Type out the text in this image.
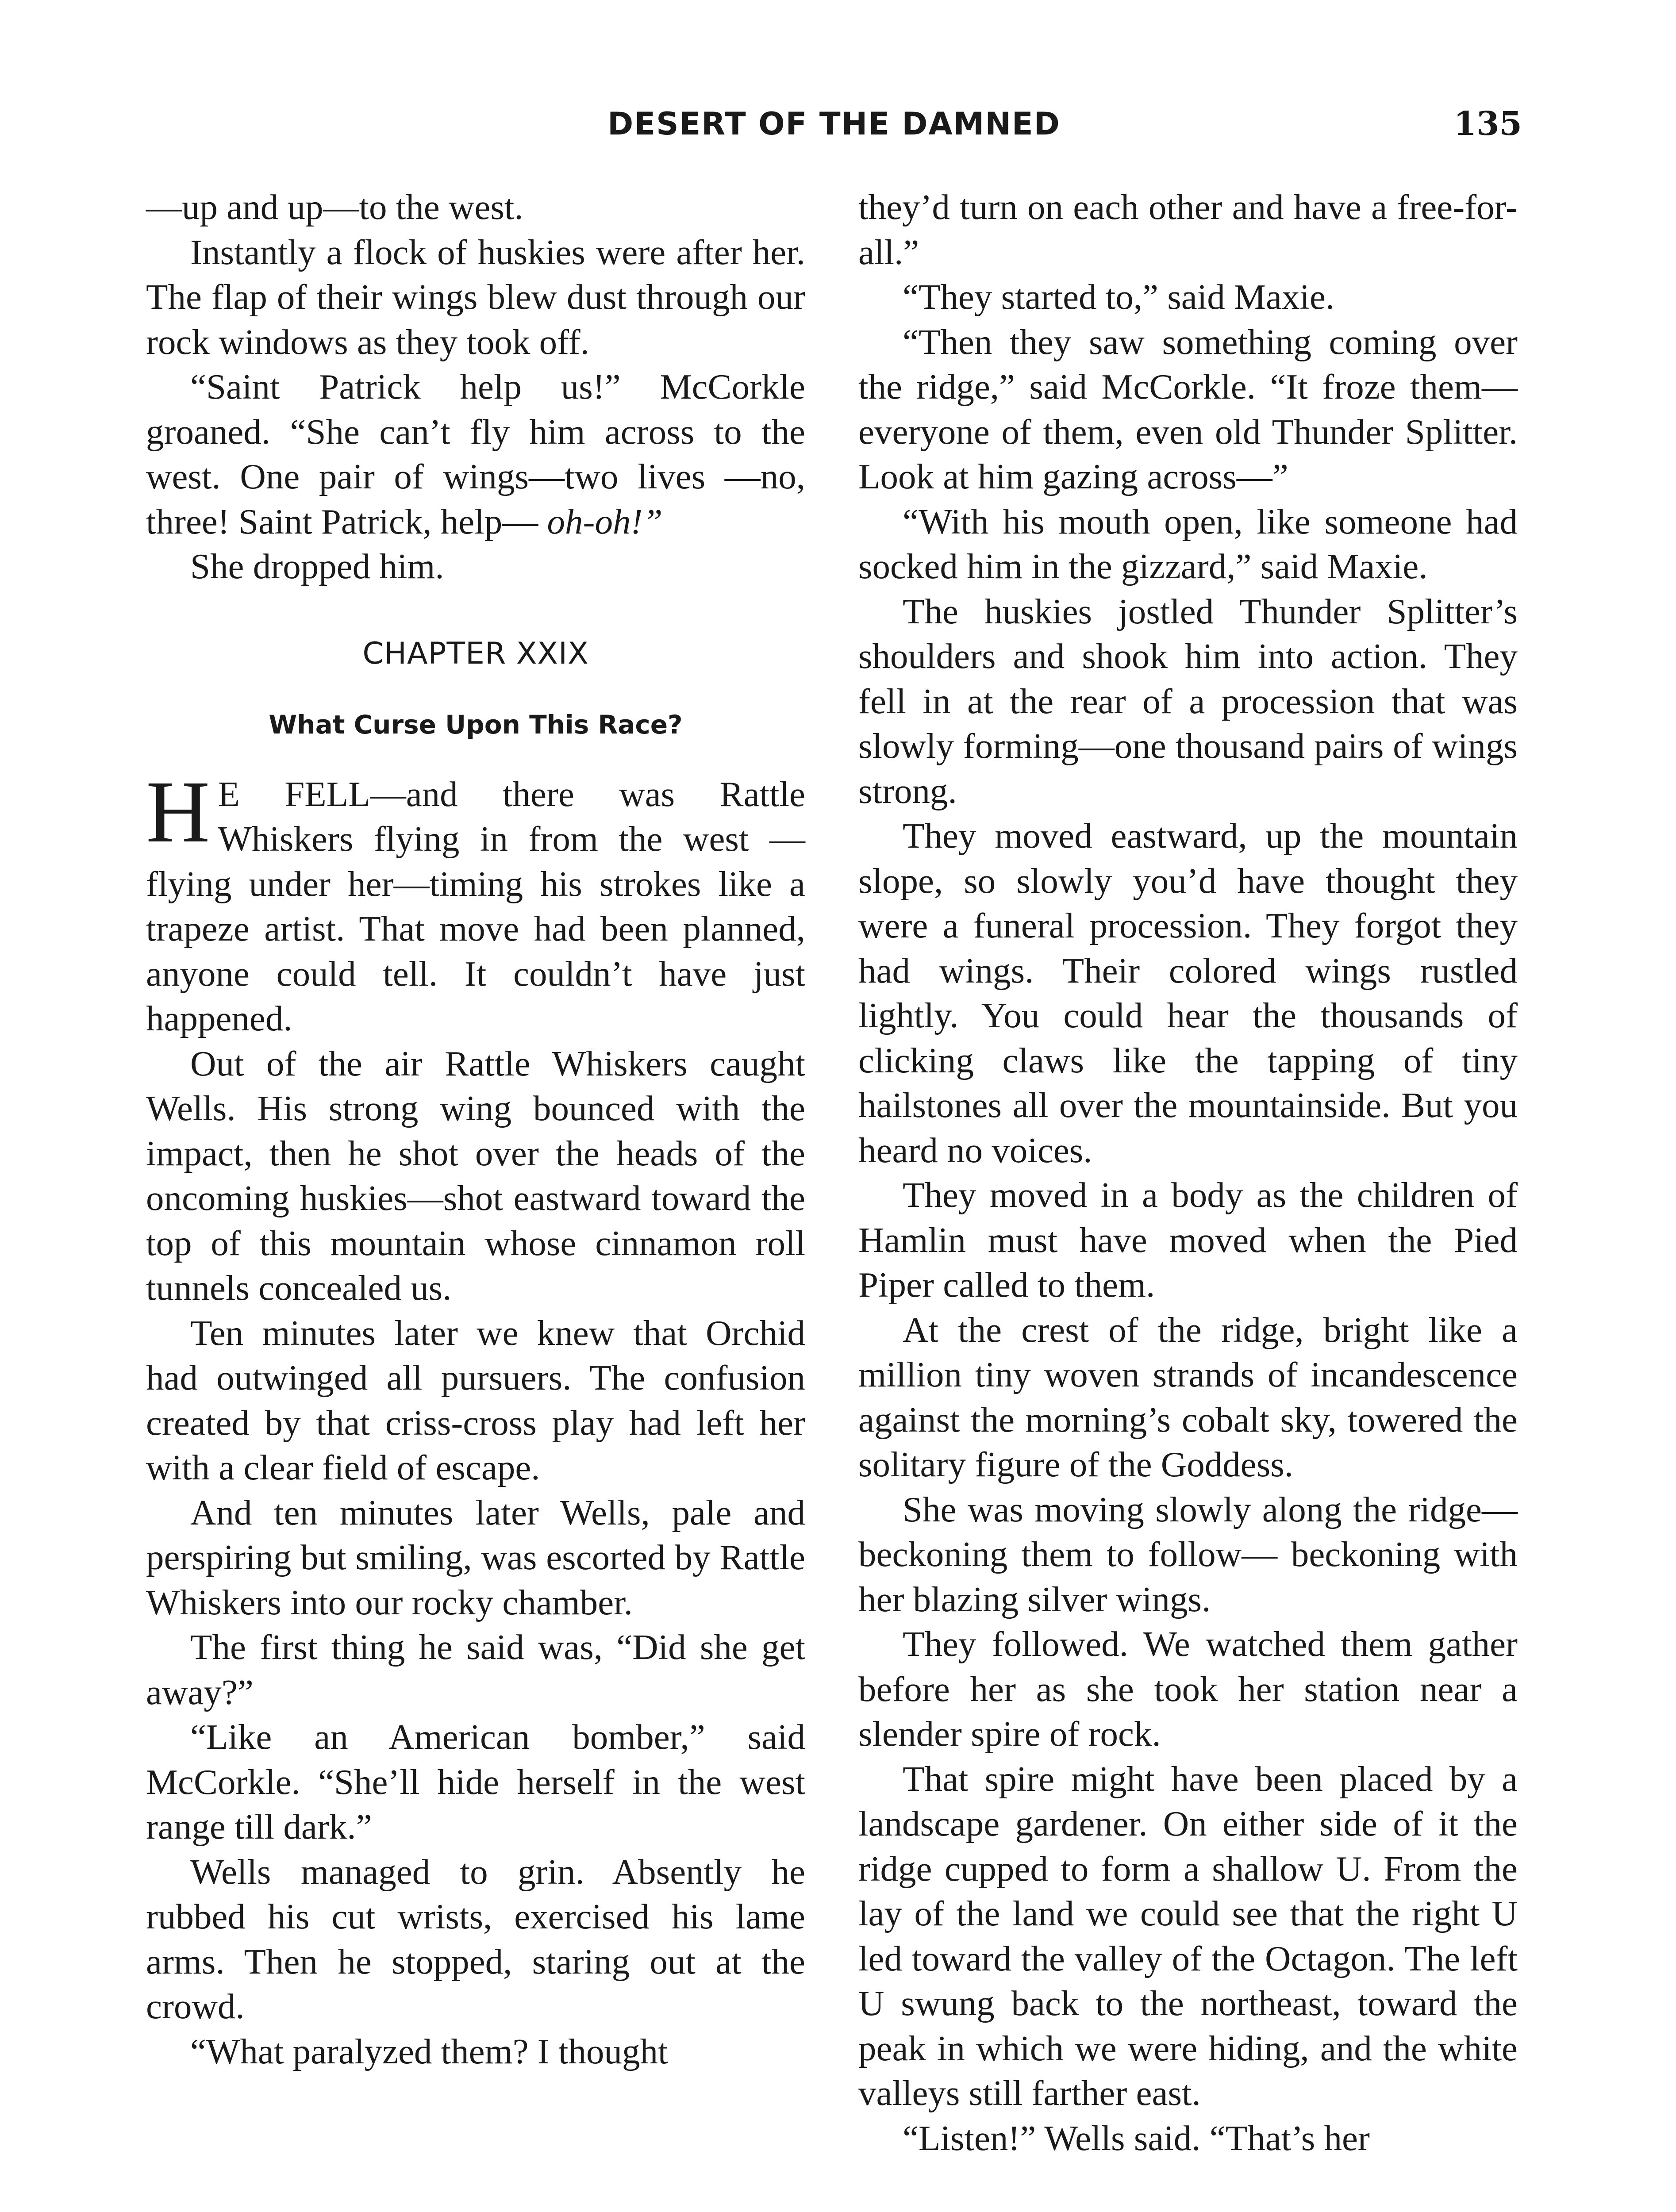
DESERT OF THE DAMNED	135

—up and up—to the west.

Instantly a flock of huskies were after her. The flap of their wings blew dust through our rock windows as they took off.

“Saint Patrick help us!” McCorkle groaned. “She can’t fly him across to the west. One pair of wings—two lives —no, three! Saint Patrick, help— oh-oh!”

She dropped him.

CHAPTER XXIX
What Curse Upon This Race?

H E FELL—and there was Rattle Whiskers flying in from the west —flying under her—timing his strokes like a trapeze artist. That move had been planned, anyone could tell. It couldn’t have just happened.

Out of the air Rattle Whiskers caught Wells. His strong wing bounced with the impact, then he shot over the heads of the oncoming huskies—shot eastward toward the top of this mountain whose cinnamon roll tunnels concealed us.

Ten minutes later we knew that Orchid had outwinged all pursuers. The confusion created by that criss-cross play had left her with a clear field of escape.

And ten minutes later Wells, pale and perspiring but smiling, was escorted by Rattle Whiskers into our rocky chamber.

The first thing he said was, “Did she get away?”

“Like an American bomber,” said McCorkle. “She’ll hide herself in the west range till dark.”

Wells managed to grin. Absently he rubbed his cut wrists, exercised his lame arms. Then he stopped, staring out at the crowd.

“What paralyzed them? I thought

they’d turn on each other and have a free-for-all.”

“They started to,” said Maxie.

“Then they saw something coming over the ridge,” said McCorkle. “It froze them—everyone of them, even old Thunder Splitter. Look at him gazing across—”

“With his mouth open, like someone had socked him in the gizzard,” said Maxie.

The huskies jostled Thunder Splitter’s shoulders and shook him into action. They fell in at the rear of a procession that was slowly forming—one thousand pairs of wings strong.

They moved eastward, up the mountain slope, so slowly you’d have thought they were a funeral procession. They forgot they had wings. Their colored wings rustled lightly. You could hear the thousands of clicking claws like the tapping of tiny hailstones all over the mountainside. But you heard no voices.

They moved in a body as the children of Hamlin must have moved when the Pied Piper called to them.

At the crest of the ridge, bright like a million tiny woven strands of incandescence against the morning’s cobalt sky, towered the solitary figure of the Goddess.

She was moving slowly along the ridge—beckoning them to follow— beckoning with her blazing silver wings.

They followed. We watched them gather before her as she took her station near a slender spire of rock.

That spire might have been placed by a landscape gardener. On either side of it the ridge cupped to form a shallow U. From the lay of the land we could see that the right U led toward the valley of the Octagon. The left U swung back to the northeast, toward the peak in which we were hiding, and the white valleys still farther east.

“Listen!” Wells said. “That’s her
